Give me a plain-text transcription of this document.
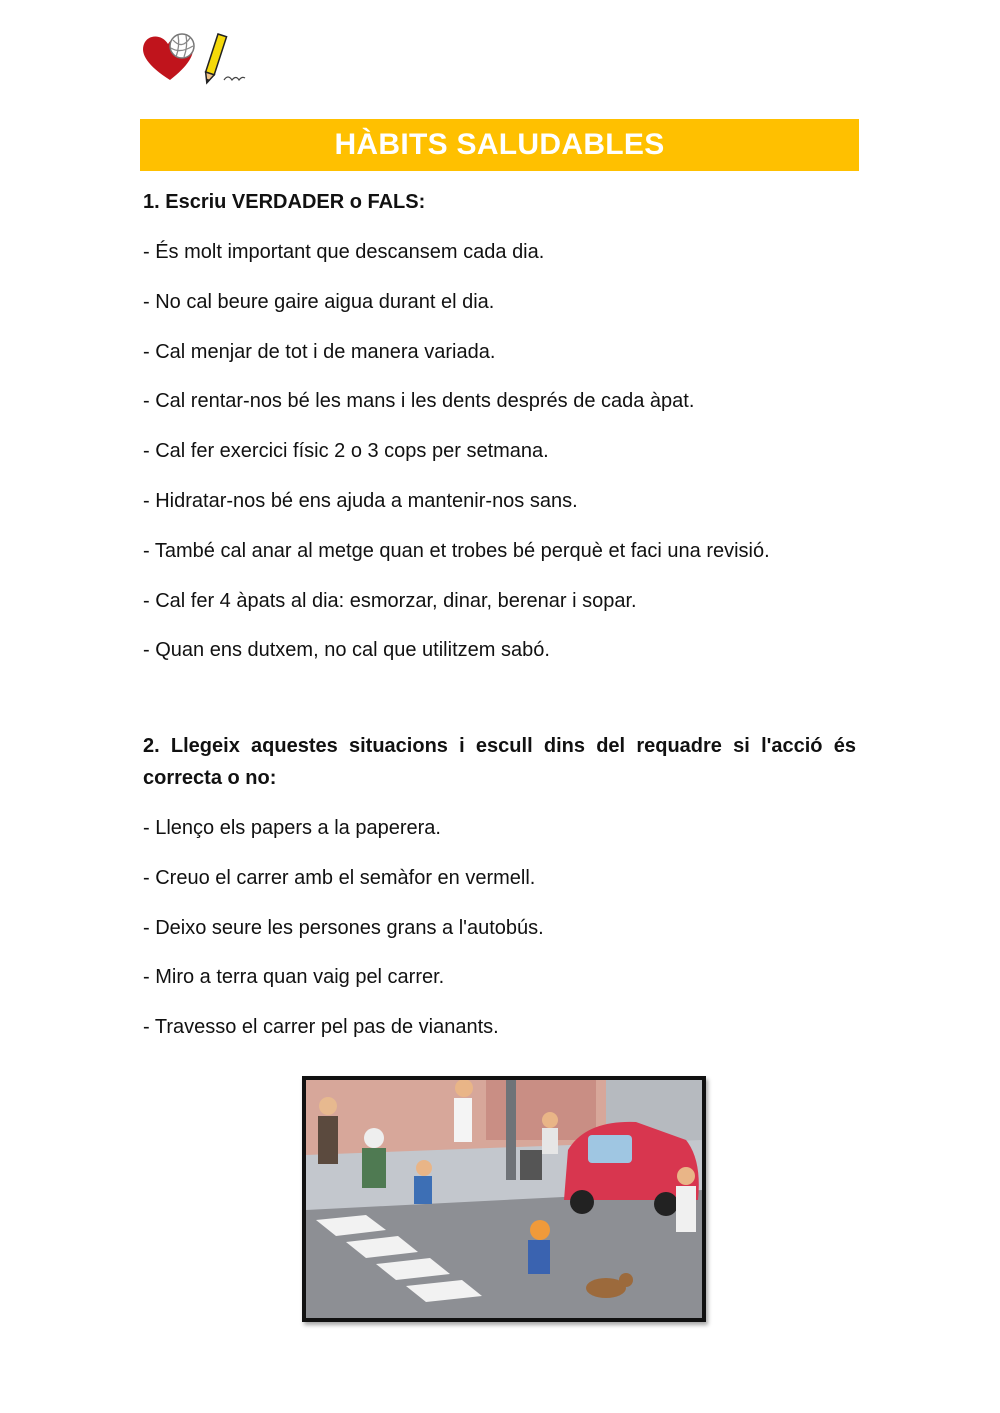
HÀBITS SALUDABLES
1. Escriu VERDADER o FALS:

- És molt important que descansem cada dia.

- No cal beure gaire aigua durant el dia.

- Cal menjar de tot i de manera variada.

- Cal rentar-nos bé les mans i les dents després de cada àpat.

- Cal fer exercici físic 2 o 3 cops per setmana.

- Hidratar-nos bé ens ajuda a mantenir-nos sans.

- També cal anar al metge quan et trobes bé perquè et faci una revisió.

- Cal fer 4 àpats al dia: esmorzar, dinar, berenar i sopar.

- Quan ens dutxem, no cal que utilitzem sabó.

2. Llegeix aquestes situacions i escull dins del requadre si l'acció és correcta o no:

- Llenço els papers a la paperera.

- Creuo el carrer amb el semàfor en vermell.

- Deixo seure les persones grans a l'autobús.

- Miro a terra quan vaig pel carrer.

- Travesso el carrer pel pas de vianants.
